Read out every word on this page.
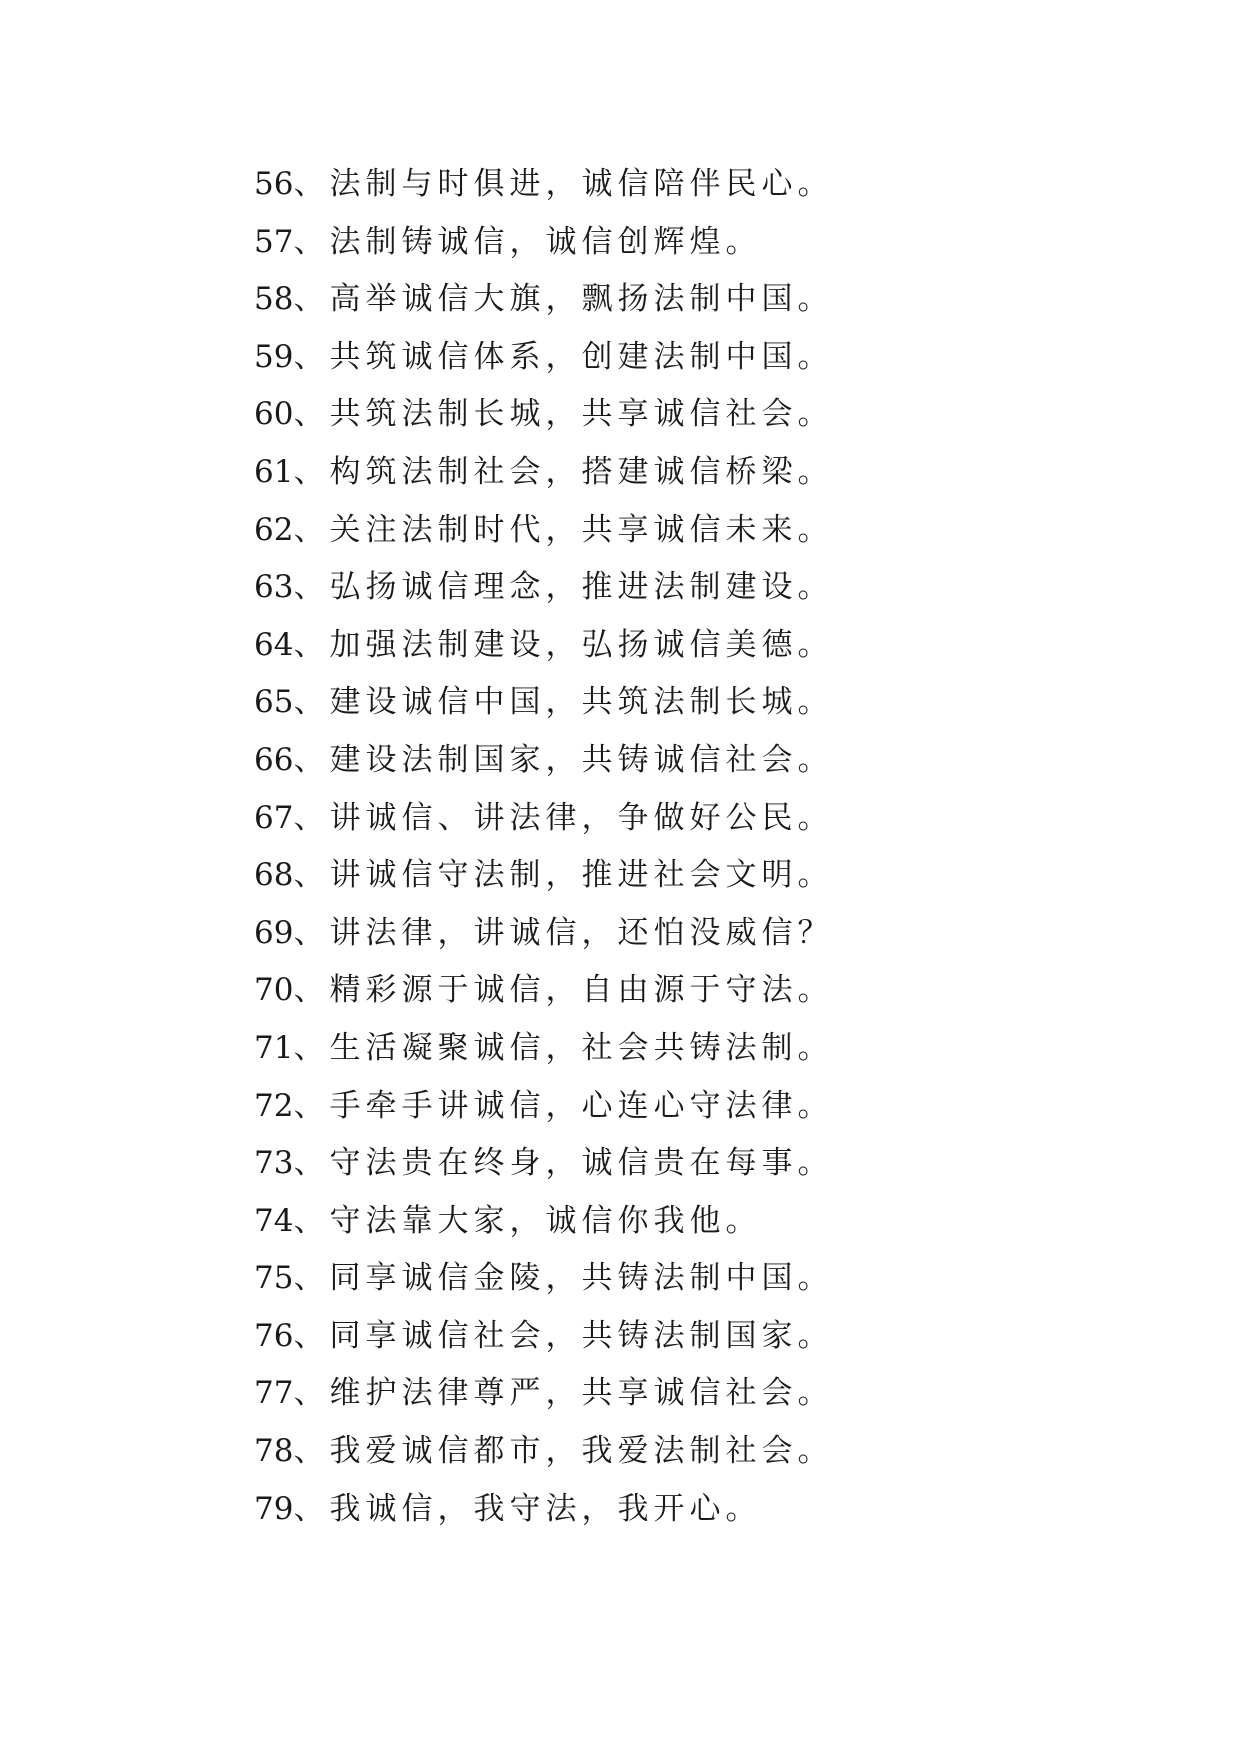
56、法制与时俱进，诚信陪伴民心。
57、法制铸诚信，诚信创辉煌。
58、高举诚信大旗，飘扬法制中国。
59、共筑诚信体系，创建法制中国。
60、共筑法制长城，共享诚信社会。
61、构筑法制社会，搭建诚信桥梁。
62、关注法制时代，共享诚信未来。
63、弘扬诚信理念，推进法制建设。
64、加强法制建设，弘扬诚信美德。
65、建设诚信中国，共筑法制长城。
66、建设法制国家，共铸诚信社会。
67、讲诚信、讲法律，争做好公民。
68、讲诚信守法制，推进社会文明。
69、讲法律，讲诚信，还怕没威信？
70、精彩源于诚信，自由源于守法。
71、生活凝聚诚信，社会共铸法制。
72、手牵手讲诚信，心连心守法律。
73、守法贵在终身，诚信贵在每事。
74、守法靠大家，诚信你我他。
75、同享诚信金陵，共铸法制中国。
76、同享诚信社会，共铸法制国家。
77、维护法律尊严，共享诚信社会。
78、我爱诚信都市，我爱法制社会。
79、我诚信，我守法，我开心。
